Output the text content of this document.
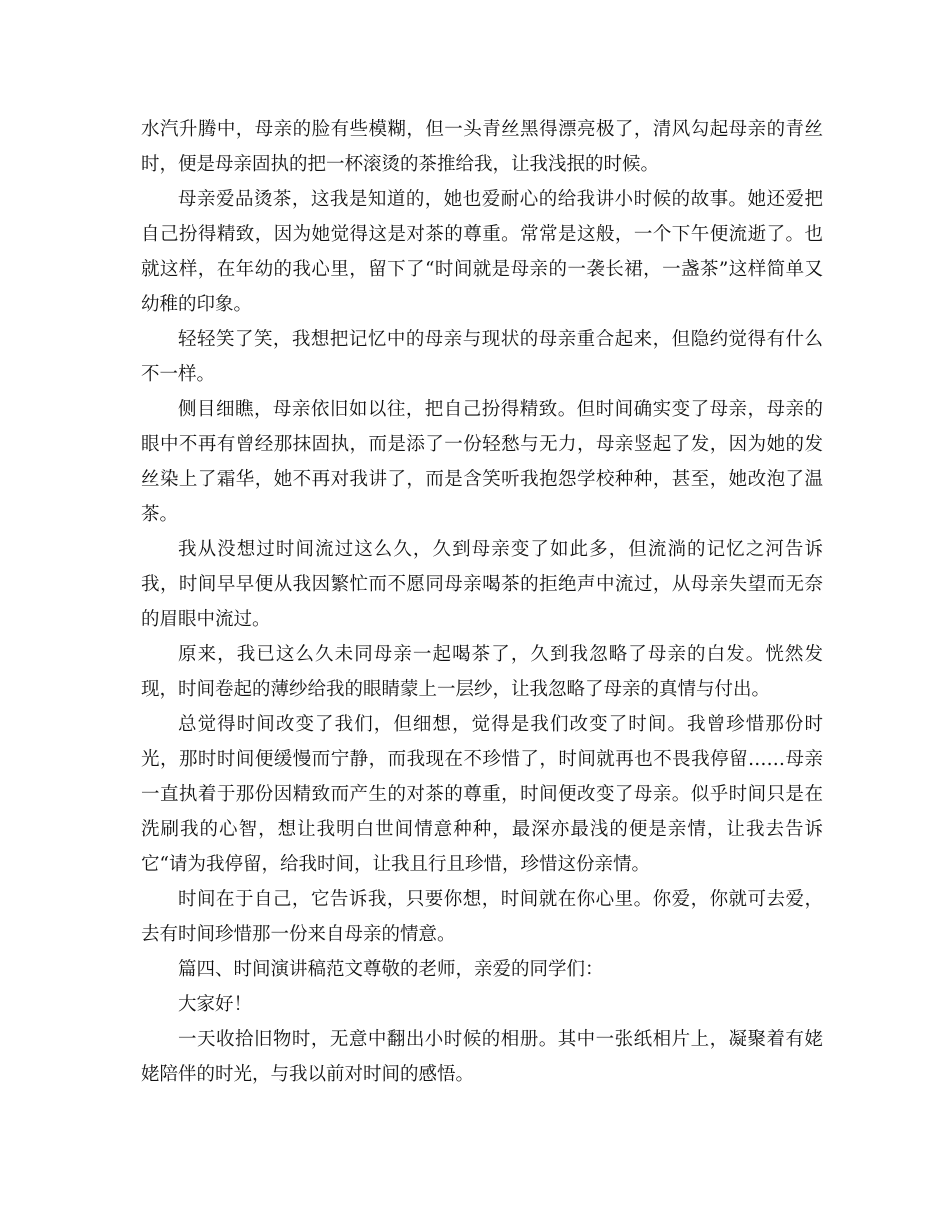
水汽升腾中，母亲的脸有些模糊，但一头青丝黑得漂亮极了，清风勾起母亲的青丝时，便是母亲固执的把一杯滚烫的茶推给我，让我浅抿的时候。

母亲爱品烫茶，这我是知道的，她也爱耐心的给我讲小时候的故事。她还爱把自己扮得精致，因为她觉得这是对茶的尊重。常常是这般，一个下午便流逝了。也就这样，在年幼的我心里，留下了“时间就是母亲的一袭长裙，一盏茶”这样简单又幼稚的印象。

轻轻笑了笑，我想把记忆中的母亲与现状的母亲重合起来，但隐约觉得有什么不一样。

侧目细瞧，母亲依旧如以往，把自己扮得精致。但时间确实变了母亲，母亲的眼中不再有曾经那抹固执，而是添了一份轻愁与无力，母亲竖起了发，因为她的发丝染上了霜华，她不再对我讲了，而是含笑听我抱怨学校种种，甚至，她改泡了温茶。

我从没想过时间流过这么久，久到母亲变了如此多，但流淌的记忆之河告诉我，时间早早便从我因繁忙而不愿同母亲喝茶的拒绝声中流过，从母亲失望而无奈的眉眼中流过。

原来，我已这么久未同母亲一起喝茶了，久到我忽略了母亲的白发。恍然发现，时间卷起的薄纱给我的眼睛蒙上一层纱，让我忽略了母亲的真情与付出。

总觉得时间改变了我们，但细想，觉得是我们改变了时间。我曾珍惜那份时光，那时时间便缓慢而宁静，而我现在不珍惜了，时间就再也不畏我停留……母亲一直执着于那份因精致而产生的对茶的尊重，时间便改变了母亲。似乎时间只是在洗刷我的心智，想让我明白世间情意种种，最深亦最浅的便是亲情，让我去告诉它“请为我停留，给我时间，让我且行且珍惜，珍惜这份亲情。

时间在于自己，它告诉我，只要你想，时间就在你心里。你爱，你就可去爱，去有时间珍惜那一份来自母亲的情意。

篇四、时间演讲稿范文尊敬的老师，亲爱的同学们：

大家好！

一天收拾旧物时，无意中翻出小时候的相册。其中一张纸相片上，凝聚着有姥姥陪伴的时光，与我以前对时间的感悟。
